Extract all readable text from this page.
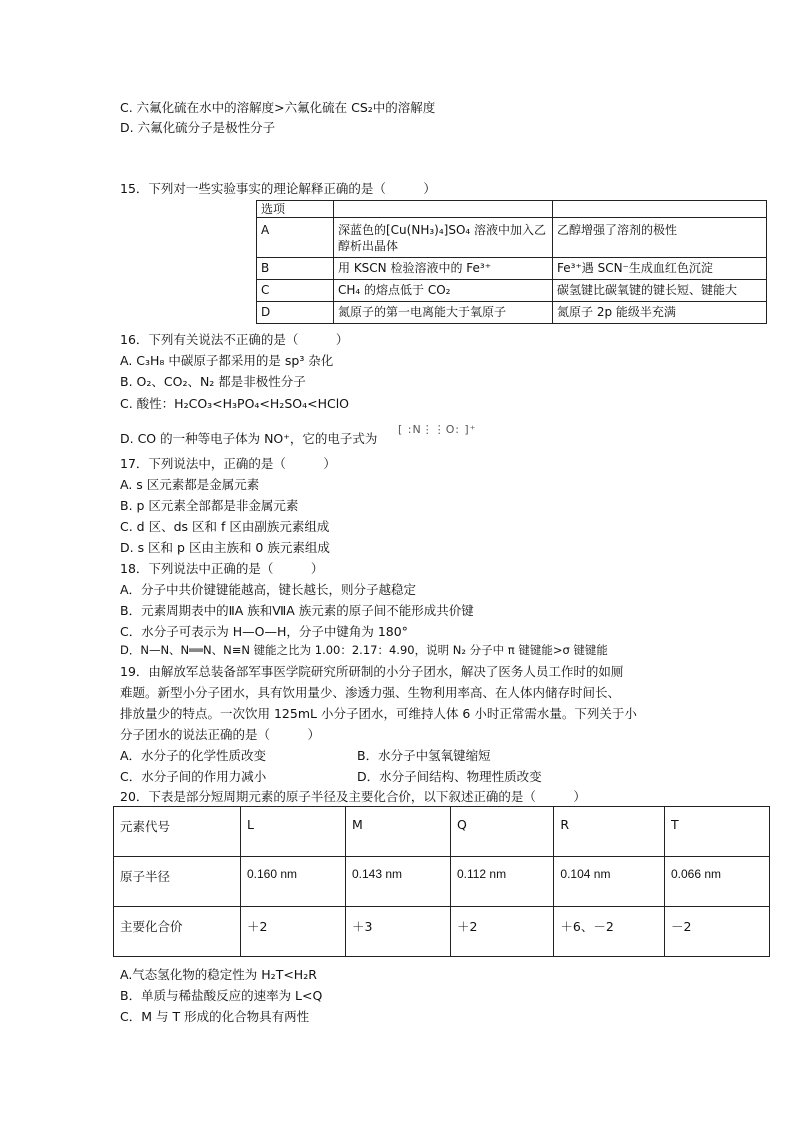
C. 六氟化硫在水中的溶解度>六氟化硫在 CS₂中的溶解度
D. 六氟化硫分子是极性分子
15．下列对一些实验事实的理论解释正确的是（　　　）
选项		
A	深蓝色的[Cu(NH₃)₄]SO₄ 溶液中加入乙醇析出晶体	乙醇增强了溶剂的极性
B	用 KSCN 检验溶液中的 Fe³⁺	Fe³⁺遇 SCN⁻生成血红色沉淀
C	CH₄ 的熔点低于 CO₂	碳氢键比碳氧键的键长短、键能大
D	氮原子的第一电离能大于氧原子	氮原子 2p 能级半充满
16．下列有关说法不正确的是（　　　）
A. C₃H₈ 中碳原子都采用的是 sp³ 杂化
B. O₂、CO₂、N₂ 都是非极性分子
C. 酸性：H₂CO₃<H₃PO₄<H₂SO₄<HClO
D. CO 的一种等电子体为 NO⁺，它的电子式为
[ :N⋮⋮O: ]⁺
17．下列说法中，正确的是（　　　）
A. s 区元素都是金属元素
B. p 区元素全部都是非金属元素
C. d 区、ds 区和 f 区由副族元素组成
D. s 区和 p 区由主族和 0 族元素组成
18．下列说法中正确的是（　　　）
A．分子中共价键键能越高，键长越长，则分子越稳定
B．元素周期表中的ⅡA 族和ⅦA 族元素的原子间不能形成共价键
C．水分子可表示为 H—O—H，分子中键角为 180°
D．N—N、N══N、N≡N 键能之比为 1.00：2.17：4.90，说明 N₂ 分子中 π 键键能>σ 键键能
19．由解放军总装备部军事医学院研究所研制的小分子团水，解决了医务人员工作时的如厕
难题。新型小分子团水，具有饮用量少、渗透力强、生物利用率高、在人体内储存时间长、
排放量少的特点。一次饮用 125mL 小分子团水，可维持人体 6 小时正常需水量。下列关于小
分子团水的说法正确的是（　　　）
A．水分子的化学性质改变	B．水分子中氢氧键缩短
C．水分子间的作用力减小	D．水分子间结构、物理性质改变
20．下表是部分短周期元素的原子半径及主要化合价，以下叙述正确的是（　　　）
元素代号	L	M	Q	R	T
原子半径	0.160 nm	0.143 nm	0.112 nm	0.104 nm	0.066 nm
主要化合价	＋2	＋3	＋2	＋6、－2	－2
A.气态氢化物的稳定性为 H₂T<H₂R
B．单质与稀盐酸反应的速率为 L<Q
C．M 与 T 形成的化合物具有两性
